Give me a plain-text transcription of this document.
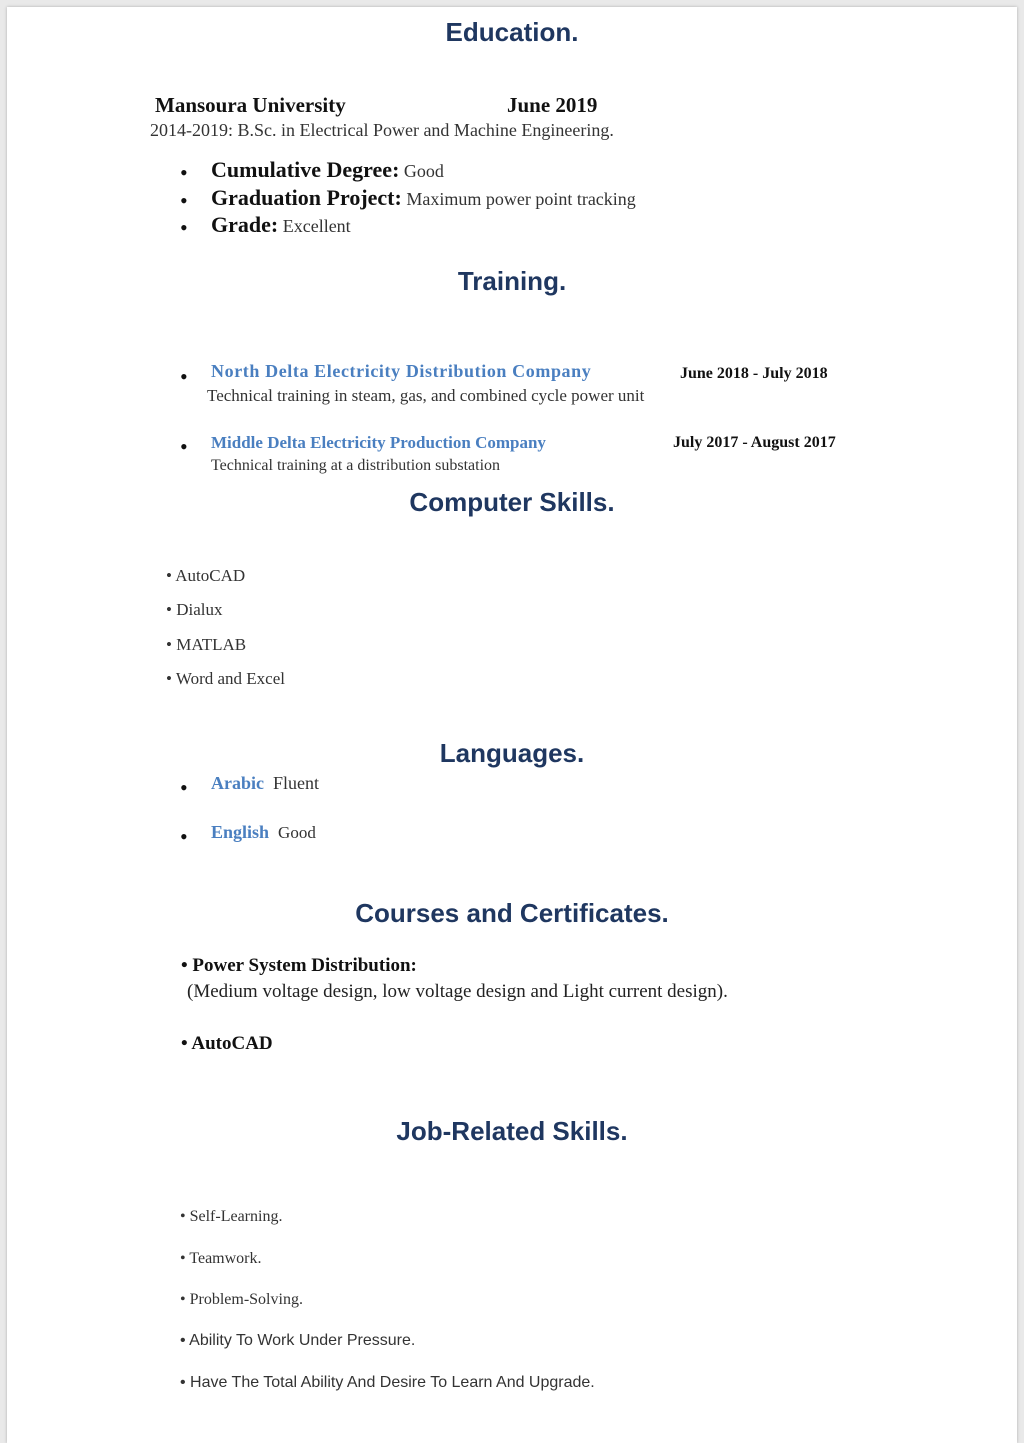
Education.
Mansoura University	June 2019
2014-2019: B.Sc. in Electrical Power and Machine Engineering.
• Cumulative Degree: Good
• Graduation Project: Maximum power point tracking
• Grade: Excellent
Training.
• North Delta Electricity Distribution Company	June 2018 - July 2018
Technical training in steam, gas, and combined cycle power unit
• Middle Delta Electricity Production Company	July 2017 - August 2017
Technical training at a distribution substation
Computer Skills.
• AutoCAD
• Dialux
• MATLAB
• Word and Excel
Languages.
• Arabic Fluent
• English Good
Courses and Certificates.
• Power System Distribution:
(Medium voltage design, low voltage design and Light current design).
• AutoCAD
Job-Related Skills.
• Self-Learning.
• Teamwork.
• Problem-Solving.
• Ability To Work Under Pressure.
• Have The Total Ability And Desire To Learn And Upgrade.
